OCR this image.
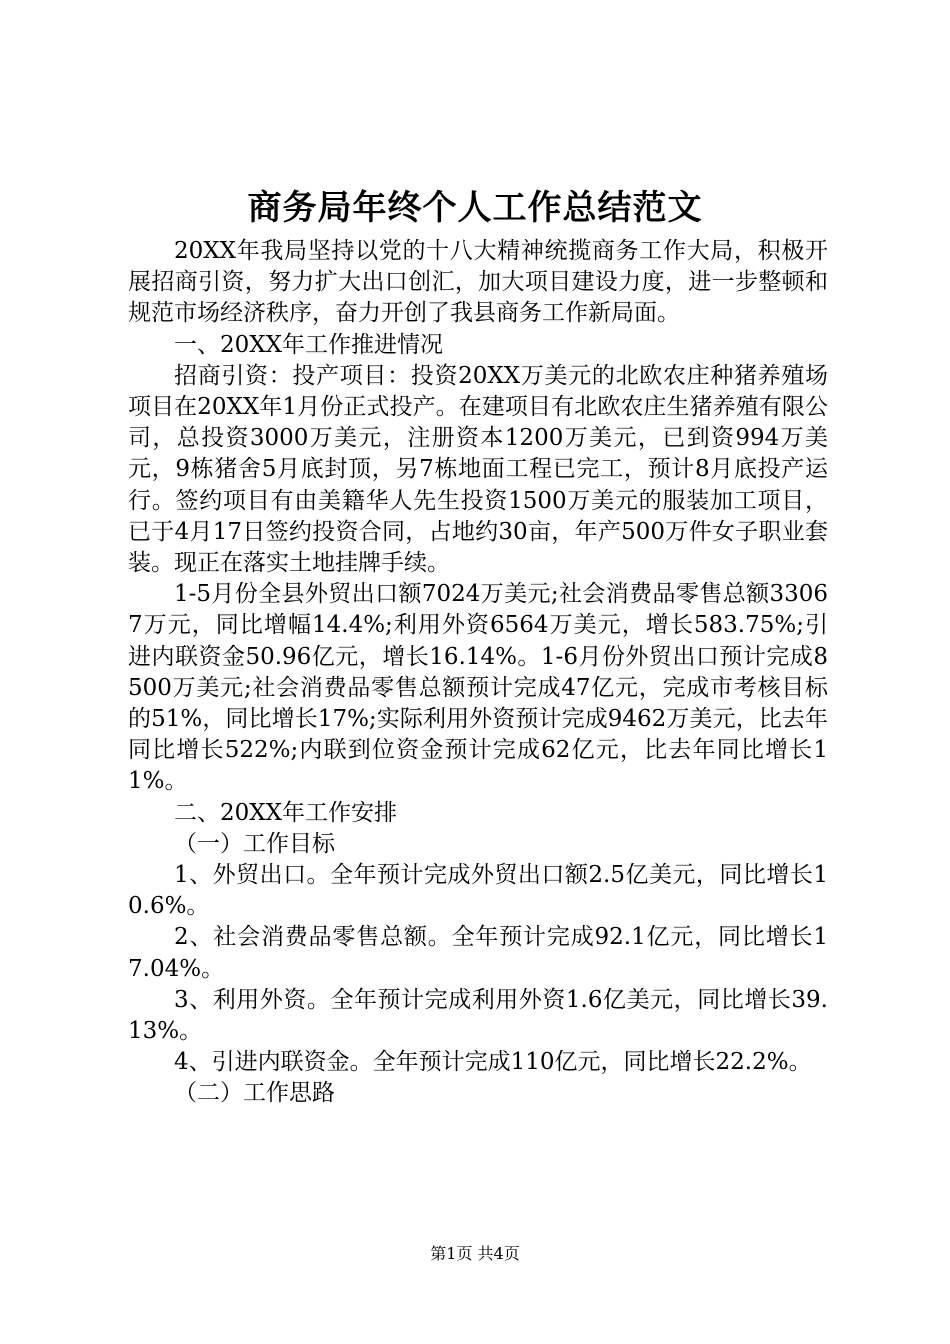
商务局年终个人工作总结范文

20XX年我局坚持以党的十八大精神统揽商务工作大局，积极开展招商引资，努力扩大出口创汇，加大项目建设力度，进一步整顿和规范市场经济秩序，奋力开创了我县商务工作新局面。

一、20XX年工作推进情况

招商引资：投产项目：投资20XX万美元的北欧农庄种猪养殖场项目在20XX年1月份正式投产。在建项目有北欧农庄生猪养殖有限公司，总投资3000万美元，注册资本1200万美元，已到资994万美元，9栋猪舍5月底封顶，另7栋地面工程已完工，预计8月底投产运行。签约项目有由美籍华人先生投资1500万美元的服装加工项目，已于4月17日签约投资合同，占地约30亩，年产500万件女子职业套装。现正在落实土地挂牌手续。

1-5月份全县外贸出口额7024万美元;社会消费品零售总额33067万元，同比增幅14.4%;利用外资6564万美元，增长583.75%;引进内联资金50.96亿元，增长16.14%。1-6月份外贸出口预计完成8500万美元;社会消费品零售总额预计完成47亿元，完成市考核目标的51%，同比增长17%;实际利用外资预计完成9462万美元，比去年同比增长522%;内联到位资金预计完成62亿元，比去年同比增长11%。

二、20XX年工作安排

（一）工作目标

1、外贸出口。全年预计完成外贸出口额2.5亿美元，同比增长10.6%。

2、社会消费品零售总额。全年预计完成92.1亿元，同比增长17.04%。

3、利用外资。全年预计完成利用外资1.6亿美元，同比增长39.13%。

4、引进内联资金。全年预计完成110亿元，同比增长22.2%。

（二）工作思路

第1页 共4页
